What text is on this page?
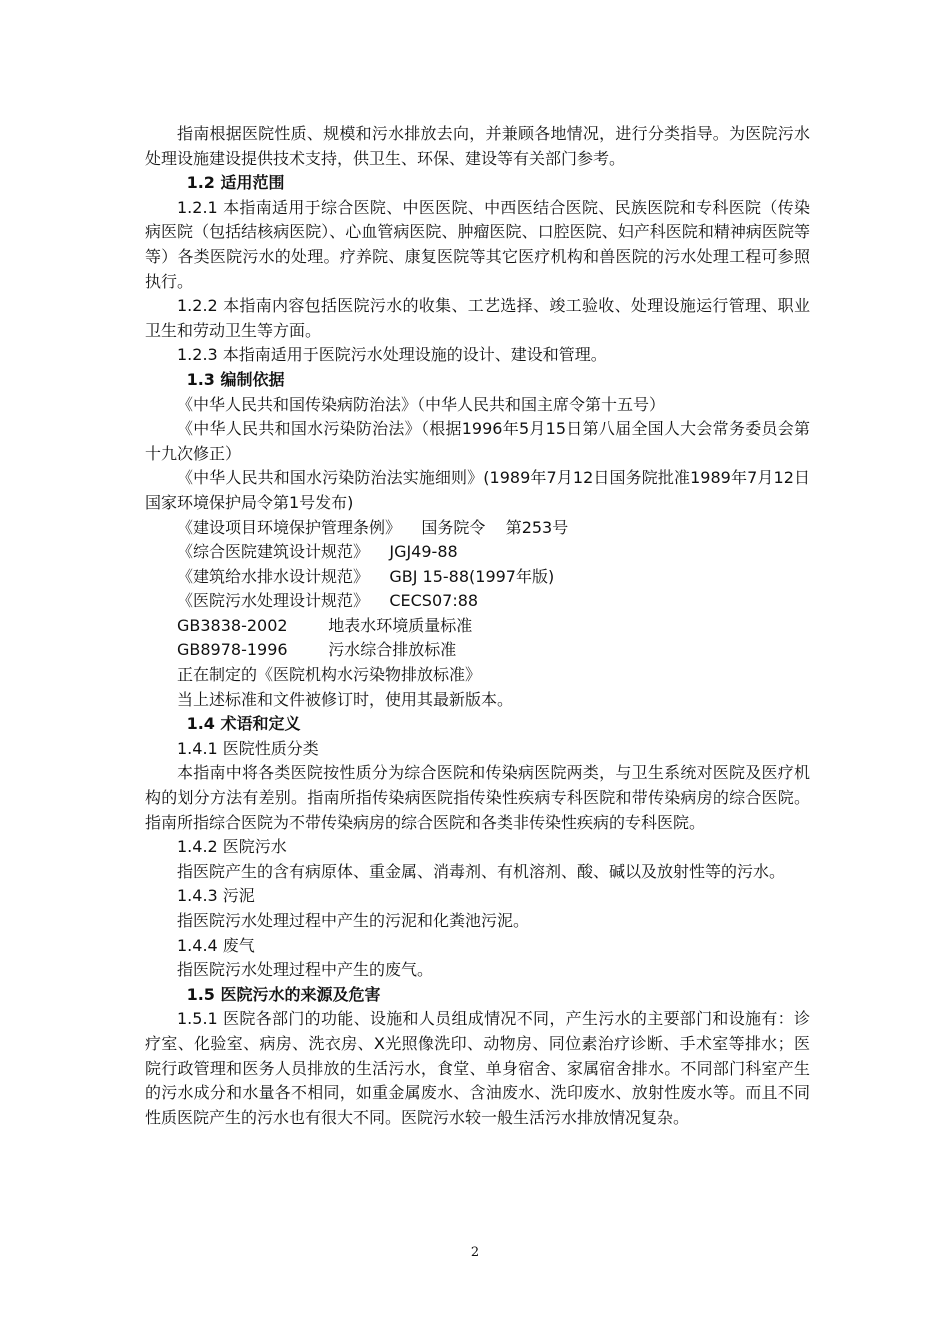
指南根据医院性质、规模和污水排放去向，并兼顾各地情况，进行分类指导。为医院污水处理设施建设提供技术支持，供卫生、环保、建设等有关部门参考。

1.2 适用范围

1.2.1 本指南适用于综合医院、中医医院、中西医结合医院、民族医院和专科医院（传染病医院（包括结核病医院）、心血管病医院、肿瘤医院、口腔医院、妇产科医院和精神病医院等等）各类医院污水的处理。疗养院、康复医院等其它医疗机构和兽医院的污水处理工程可参照执行。

1.2.2 本指南内容包括医院污水的收集、工艺选择、竣工验收、处理设施运行管理、职业卫生和劳动卫生等方面。

1.2.3 本指南适用于医院污水处理设施的设计、建设和管理。

1.3 编制依据

《中华人民共和国传染病防治法》（中华人民共和国主席令第十五号）

《中华人民共和国水污染防治法》（根据1996年5月15日第八届全国人大会常务委员会第十九次修正）

《中华人民共和国水污染防治法实施细则》(1989年7月12日国务院批准1989年7月12日国家环境保护局令第1号发布)

《建设项目环境保护管理条例》    国务院令    第253号

《综合医院建筑设计规范》    JGJ49-88

《建筑给水排水设计规范》    GBJ 15-88(1997年版)

《医院污水处理设计规范》    CECS07:88

GB3838-2002        地表水环境质量标准

GB8978-1996        污水综合排放标准

正在制定的《医院机构水污染物排放标准》

当上述标准和文件被修订时，使用其最新版本。

1.4 术语和定义

1.4.1 医院性质分类

本指南中将各类医院按性质分为综合医院和传染病医院两类，与卫生系统对医院及医疗机构的划分方法有差别。指南所指传染病医院指传染性疾病专科医院和带传染病房的综合医院。指南所指综合医院为不带传染病房的综合医院和各类非传染性疾病的专科医院。

1.4.2 医院污水

指医院产生的含有病原体、重金属、消毒剂、有机溶剂、酸、碱以及放射性等的污水。

1.4.3 污泥

指医院污水处理过程中产生的污泥和化粪池污泥。

1.4.4 废气

指医院污水处理过程中产生的废气。

1.5 医院污水的来源及危害

1.5.1 医院各部门的功能、设施和人员组成情况不同，产生污水的主要部门和设施有：诊疗室、化验室、病房、洗衣房、X光照像洗印、动物房、同位素治疗诊断、手术室等排水；医院行政管理和医务人员排放的生活污水，食堂、单身宿舍、家属宿舍排水。不同部门科室产生的污水成分和水量各不相同，如重金属废水、含油废水、洗印废水、放射性废水等。而且不同性质医院产生的污水也有很大不同。医院污水较一般生活污水排放情况复杂。

2
